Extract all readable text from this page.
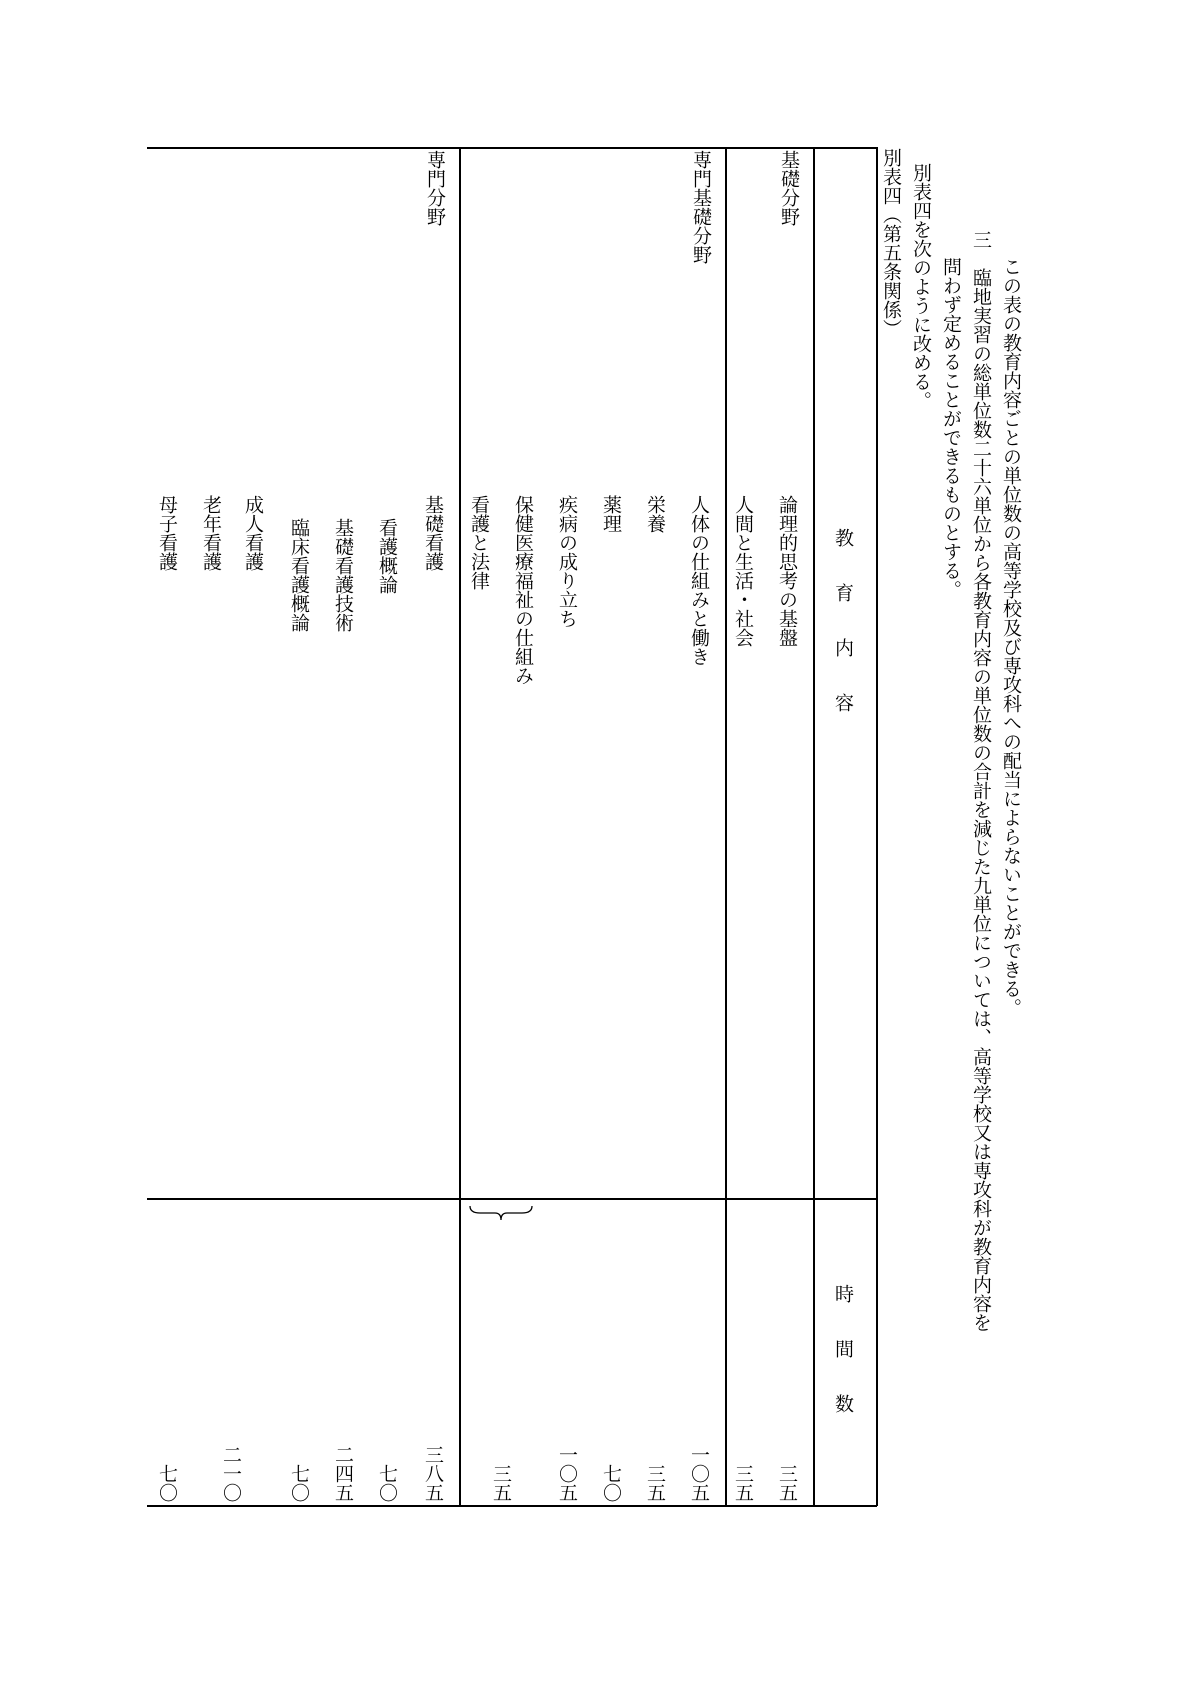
この表の教育内容ごとの単位数の高等学校及び専攻科への配当によらないことができる。
三　臨地実習の総単位数二十六単位から各教育内容の単位数の合計を減じた九単位については、高等学校又は専攻科が教育内容を
問わず定めることができるものとする。
別表四を次のように改める。
別表四（第五条関係）
教育内容
時間数
基礎分野
専門基礎分野
専門分野
論理的思考の基盤
人間と生活・社会
人体の仕組みと働き
栄養
薬理
疾病の成り立ち
保健医療福祉の仕組み
看護と法律
基礎看護
看護概論
基礎看護技術
臨床看護概論
成人看護
老年看護
母子看護
三五
三五
一〇五
三五
七〇
一〇五
三五
三八五
七〇
二四五
七〇
二一〇
七〇
